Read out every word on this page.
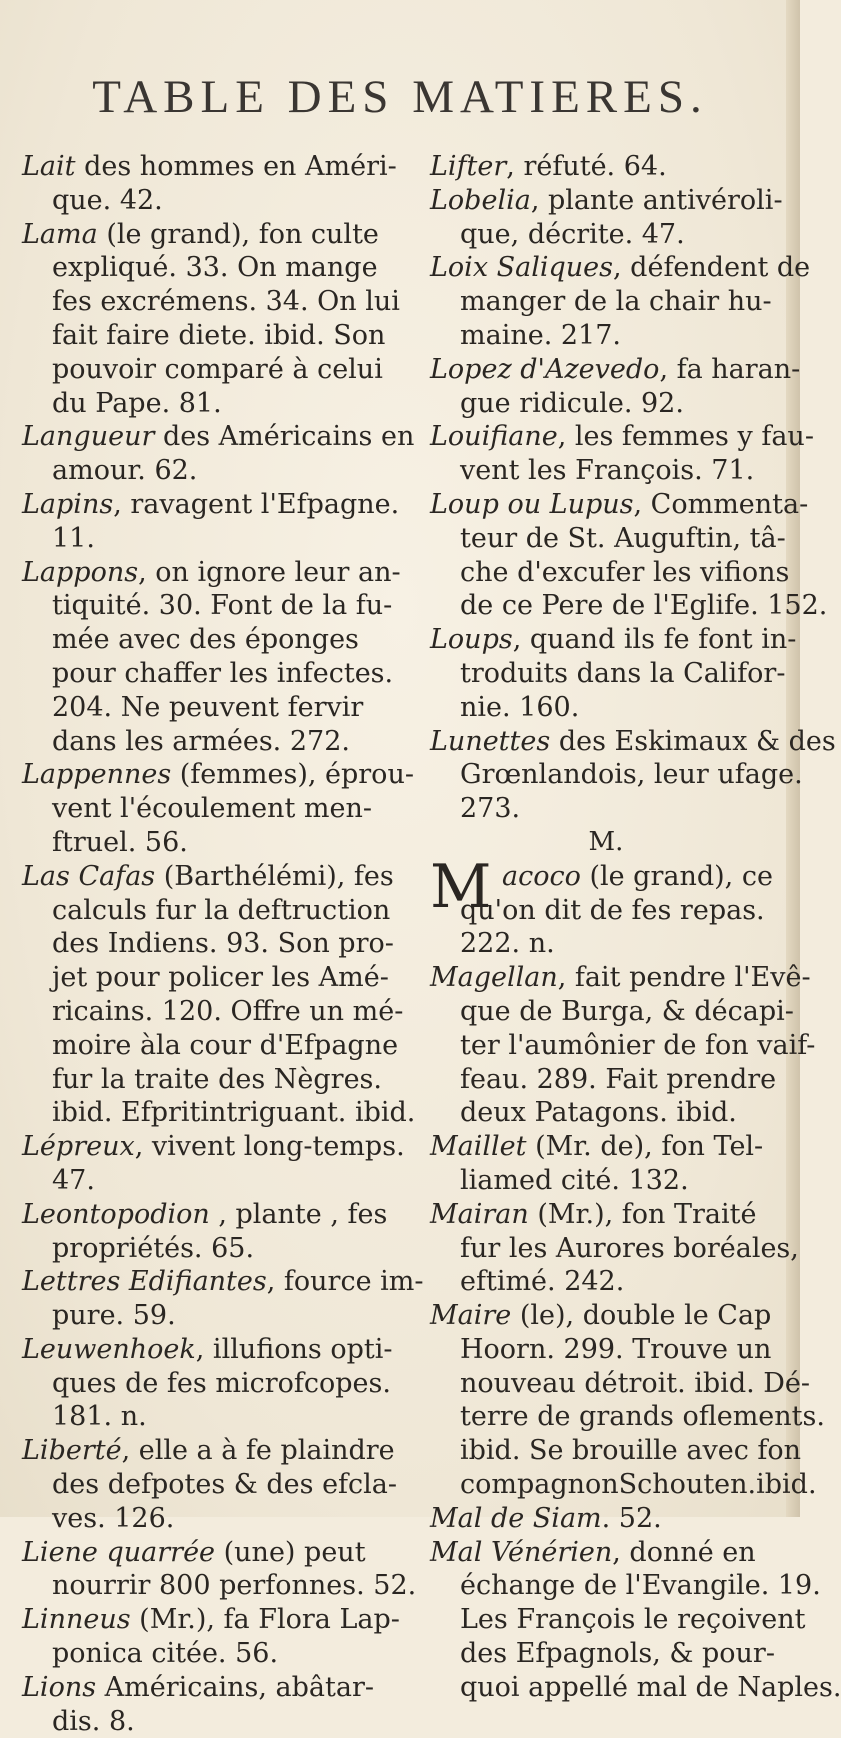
TABLE DES MATIERES.
Lait des hommes en Améri-
que. 42.
Lama (le grand), fon culte
expliqué. 33. On mange
fes excrémens. 34. On lui
fait faire diete. ibid. Son
pouvoir comparé à celui
du Pape. 81.
Langueur des Américains en
amour. 62.
Lapins, ravagent l'Efpagne.
11.
Lappons, on ignore leur an-
tiquité. 30. Font de la fu-
mée avec des éponges
pour chaffer les infectes.
204. Ne peuvent fervir
dans les armées. 272.
Lappennes (femmes), éprou-
vent l'écoulement men-
ftruel. 56.
Las Cafas (Barthélémi), fes
calculs fur la deftruction
des Indiens. 93. Son pro-
jet pour policer les Amé-
ricains. 120. Offre un mé-
moire àla cour d'Efpagne
fur la traite des Nègres.
ibid. Efpritintriguant. ibid.
Lépreux, vivent long-temps.
47.
Leontopodion , plante , fes
propriétés. 65.
Lettres Edifiantes, fource im-
pure. 59.
Leuwenhoek, illufions opti-
ques de fes microfcopes.
181. n.
Liberté, elle a à fe plaindre
des defpotes & des efcla-
ves. 126.
Liene quarrée (une) peut
nourrir 800 perfonnes. 52.
Linneus (Mr.), fa Flora Lap-
ponica citée. 56.
Lions Américains, abâtar-
dis. 8.
Lifter, réfuté. 64.
Lobelia, plante antivéroli-
que, décrite. 47.
Loix Saliques, défendent de
manger de la chair hu-
maine. 217.
Lopez d'Azevedo, fa haran-
gue ridicule. 92.
Louifiane, les femmes y fau-
vent les François. 71.
Loup ou Lupus, Commenta-
teur de St. Auguftin, tâ-
che d'excufer les vifions
de ce Pere de l'Eglife. 152.
Loups, quand ils fe font in-
troduits dans la Califor-
nie. 160.
Lunettes des Eskimaux & des
Grœnlandois, leur ufage.
273.
M.
M acoco (le grand), ce
qu'on dit de fes repas.
222. n.
Magellan, fait pendre l'Evê-
que de Burga, & décapi-
ter l'aumônier de fon vaif-
feau. 289. Fait prendre
deux Patagons. ibid.
Maillet (Mr. de), fon Tel-
liamed cité. 132.
Mairan (Mr.), fon Traité
fur les Aurores boréales,
eftimé. 242.
Maire (le), double le Cap
Hoorn. 299. Trouve un
nouveau détroit. ibid. Dé-
terre de grands oflements.
ibid. Se brouille avec fon
compagnonSchouten.ibid.
Mal de Siam. 52.
Mal Vénérien, donné en
échange de l'Evangile. 19.
Les François le reçoivent
des Efpagnols, & pour-
quoi appellé mal de Naples.
